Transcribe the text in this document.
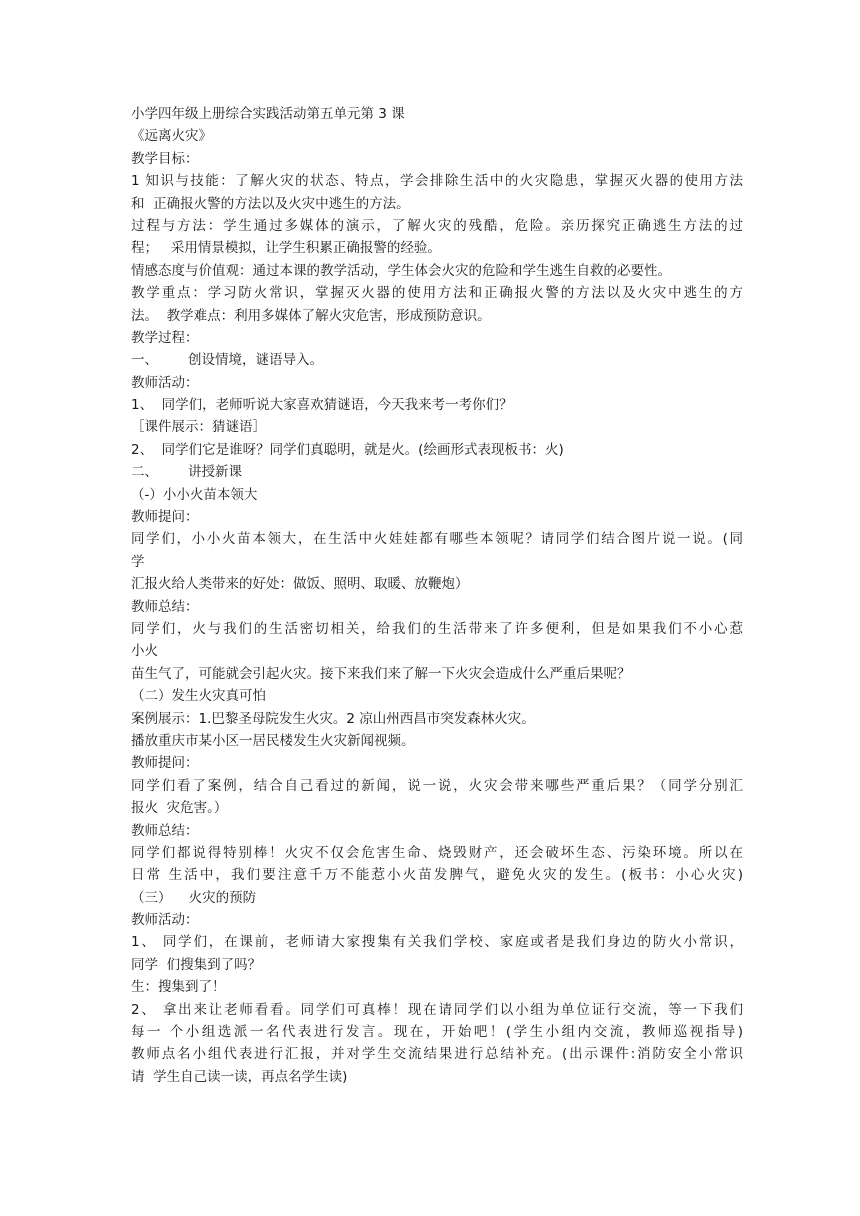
小学四年级上册综合实践活动第五单元第 3 课
《远离火灾》
教学目标：
1 知识与技能：了解火灾的状态、特点，学会排除生活中的火灾隐患，掌握灭火器的使用方法
和  正确报火警的方法以及火灾中逃生的方法。
过程与方法：学生通过多媒体的演示，了解火灾的残酷，危险。亲历探究正确逃生方法的过
程；   采用情景模拟，让学生积累正确报警的经验。
情感态度与价值观：通过本课的教学活动，学生体会火灾的危险和学生逃生自救的必要性。
教学重点：学习防火常识，掌握灭火器的使用方法和正确报火警的方法以及火灾中逃生的方
法。  教学难点：利用多媒体了解火灾危害，形成预防意识。
教学过程：
一、       创设情境，谜语导入。
教师活动：
1、  同学们，老师听说大家喜欢猜谜语，今天我来考一考你们？
［课件展示：猜谜语］
2、  同学们它是谁呀？同学们真聪明，就是火。(绘画形式表现板书：火)
二、       讲授新课
（-）小小火苗本领大
教师提问：
同学们，小小火苗本领大，在生活中火娃娃都有哪些本领呢？请同学们结合图片说一说。(同
学
汇报火给人类带来的好处：做饭、照明、取暖、放鞭炮）
教师总结：
同学们，火与我们的生活密切相关，给我们的生活带来了许多便利，但是如果我们不小心惹
小火
苗生气了，可能就会引起火灾。接下来我们来了解一下火灾会造成什么严重后果呢？
（二）发生火灾真可怕
案例展示：1.巴黎圣母院发生火灾。2 凉山州西昌市突发森林火灾。
播放重庆市某小区一居民楼发生火灾新闻视频。
教师提问：
同学们看了案例，结合自己看过的新闻，说一说，火灾会带来哪些严重后果？（同学分别汇
报火  灾危害。）
教师总结：
同学们都说得特别棒！火灾不仅会危害生命、烧毁财产，还会破坏生态、污染环境。所以在
日常 生活中，我们要注意千万不能惹小火苗发脾气，避免火灾的发生。(板书：小心火灾)
（三）    火灾的预防
教师活动：
1、 同学们，在课前，老师请大家搜集有关我们学校、家庭或者是我们身边的防火小常识，
同学  们搜集到了吗？
生：搜集到了！
2、 拿出来让老师看看。同学们可真棒！现在请同学们以小组为单位证行交流，等一下我们
每一 个小组选派一名代表进行发言。现在，开始吧！(学生小组内交流，教师巡视指导)
教师点名小组代表进行汇报，并对学生交流结果进行总结补充。(出示课件:消防安全小常识
请  学生自己读一读，再点名学生读)
